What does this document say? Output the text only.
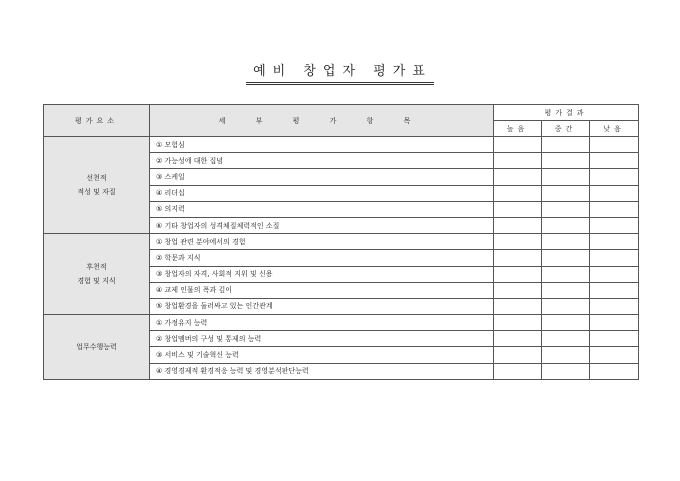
예비 창업자 평가표
평가요소	세 부 평 가 항 목	평가결과		
		높음	중간	낮음

선천적
적성 및 자질	① 모험심			
	② 가능성에 대한 집념			
	③ 스케일			
	④ 리더십			
	⑤ 의지력			
	⑥ 기타 창업자의 성격체질체력적인 소질			

후천적
경험 및 지식	① 창업 관련 분야에서의 경험			
	② 학문과 지식			
	③ 창업자의 자격, 사회적 지위 및 신용			
	④ 교제 인물의 폭과 깊이			
	⑤ 창업환경을 둘러싸고 있는 인간관계			

업무수행능력	① 가정유지 능력			
	② 창업멤버의 구성 및 통제의 능력			
	③ 서비스 및 기술혁신 능력			
	④ 경영경제적 환경적응 능력 및 경영분석판단능력			
